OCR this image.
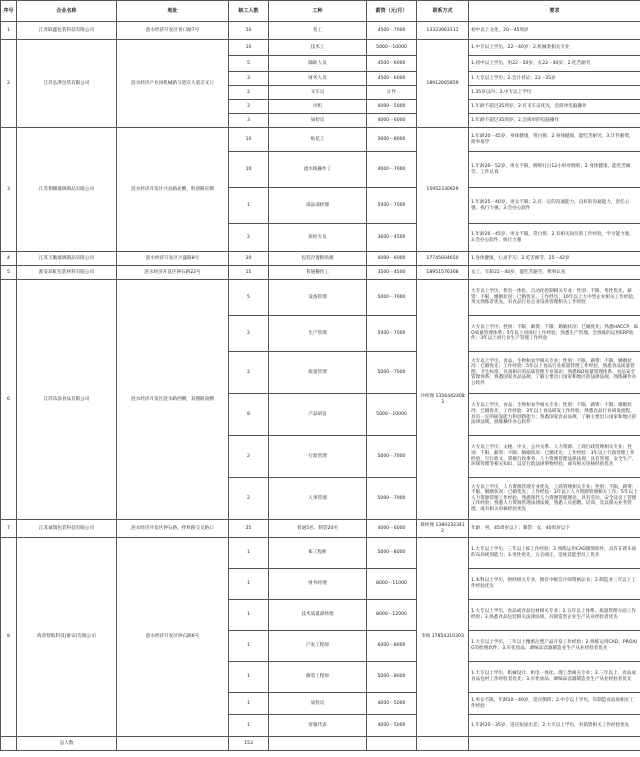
序号	企业名称	地址	缺工人数	工种	薪资（元/月）	联系方式	要求
1	江苏联鑫包装科技有限公司	涟水经济开发区青口路7号	10	普工	4500－7000	13323963111	初中以上文化，20－45周岁
2	江苏弘湃包装有限公司	涟水经济产业园机械路与迎宾大道交叉口	10	技术工	5000－10000	18912065859	1.中专以上学历，22－40岁；2.机械类相关专业
			5	辅助人员	4500－6000		1.初中以上学历，男22－50岁，女22－40岁；2.吃苦耐劳
			3	财务人员	4500－6000		1.大专以上学历；2.会计持证；22－35岁
			2	叉车员	计件		1.35岁以内；2.中专以上学历
			3	司机	4000－5000		1.年龄不超过35周岁；2.有叉车证优先，会简单电脑操作
			3	质检员	4000－6000		1.年龄不超过35周岁；2.会简单的电脑操作
3	江苏翔顺玻璃制品有限公司	涟水经济开发区兴县路北侧，科创路东侧	10	贴花工	3000－8000	15952330929	1.年龄20－45岁，身体健康，常白班；2.身体健康，能吃苦耐劳，3.计件薪资，简单易学
			10	流水线操作工	4000－7000		1.年龄20－52岁，男女不限，倒班打白12小时对倒班；2.身体健康，能吃苦耐劳，工作认真
			1	部品部经理	5000－7000		1.年龄25－40岁，男女不限；2.有一定的沟通能力，良好的沟通能力，责任心强，执行力强，3.会办公软件
			2	质检专员	3600－4500		1.年龄20－45岁，男女不限，常白班；2.有相关岗位的工作经验，学习能力强，3.会办公软件，执行力强
4	江苏天勤玻璃制品有限公司	涟水经济开发区兴盛路8号	20	包装冷置粘贴板	4000－6000	17745604650	1.身体健康，心灵手巧；2.吃苦耐劳，25－42岁
5	淮安彩虹包装材料有限公司	涟水经济开发区钟石路22号	15	普通操作工	3500－4500	18951576308	女工，年龄22－40岁，能吃苦耐劳，尊事认真
6	江苏乐涂食品有限公司	涟水经济开发区涟水路西侧，双拥路南侧	5	设备管理	5000－7000	沙经理 13564424083	大专以上学历，机电一体化、自动化控制相关专业；性别：不限，男性优先，薪资：不限，婚姻状况：已婚优先，工作经历：10年以上大中型企业相关工作经验，英文熟练者优先，有食品行业企业设备管理相关工作经验
			2	生产管理	5000－7000		大专以上学历；性别：不限，薪资：不限；婚姻状况：已婚优先；熟悉HACCP、ISO质量管理体系；5年以上同岗位工作经验；熟悉生产管理、会熟练的运用ERP软件；3年以上同行业生产管理工作经验
			2	质量管理	5000－7000		大专以上学历，食品、生物和农学相关专业；性别：不限，薪资：不限，婚姻状况：已婚优先；工作经验：5年以上食品行业质量管理工作经验，熟悉食品质量管理、卫生标准，具备相应的品质管理专业知识；熟悉ISO质量管理体系，食品安全管理体系；熟悉国家食品法规，了解主要出口国家和地区的法律法规，熟练操作办公软件
			8	产品研发	5000－10000		大专以上学历，食品、生物和农学相关专业；性别：不限，薪资：不限；婚姻状况：已婚优先，工作经验：3年以上食品研发工作经验；熟悉食品行业研发流程，具有一定的研发能力和创新能力；熟悉国家食品法规，了解主要出口国家和地区的法律法规，熟练操作办公软件
			2	行政管理	5000－7000		大专以上学历；文秘、中文、公共关系、人力资源、工商行政管理相关专业；性别：不限，薪资：不限；婚姻状况：已婚优先；工作经验：3年以上行政管理工作经验，写行政文、掌握行政事务、人力资源管理法律法规，具有管理、安全生产、环保管理等相关知识，以及行政法律事物经验，或有相关审核经验优先
			2	人事管理	5000－7000		大专以上学历，人力资源管理专业优先，工商管理相关专业；性别：不限，薪资：不限，婚姻状况：已婚优先；工作经验：3年以上人力资源管理相关工作，5年以上人力资源管理工作经验，熟悉现代人力资源管理理论，具有劳动、安全及员工管理工作经验；熟悉人力资源管理法律法规，熟悉人员招聘、培训、及以相关业务管理，或有相关审核经验优先
7	江苏诚瑞包装科技有限公司	涟水经济开发区钟石路、拌料路交叉路口	25	普通5名、制袋20名	4000－6000	蔡经理 13802323412	年龄：男，45周岁以下；制袋：女，40周岁以下
8	海普智联科技(淮安)有限公司	涟水经济开发区钟石路6号	1	IE工程师	5000－8000	李海 17854310303	1.大专以上学历，三年以上IE工作经验；2.熟练运用CAD制图软件，具有在新车间的布局规划能力；3.男性优先，五官端正，适度技能型员工优先
			1	财务经理	8000－11000		1.本科以上学历，财经相关专业，拥有中级会计师资格证书；2.制造业三年以上工作经验优先
			1	技术质量部经理	8000－12000		1.大专以上学历，食品或食品包材相关专业；2.五年以上体系、质量管理方面工作经验；3.熟悉食品包装相关法律法规，有制造型企业生产从业经验者优先
			1	产发工程师	6000－8000		1.大专以上学历，三年以上精密注塑产品开发工作经验；2.熟练运用CAD、PRO/UG等绘图软件；3.有化妆品、调味品容器制造业生产从业经验者优先
			1	修装工程师	5000－8000		1.大专以上学历，机械设计、机电一体化、理工类相关专业；2.三年以上，食品或食品包材工作经验者优先；3.有化妆品、调味品容器制造业生产从业经验者优先
			1	质检员	4000－5000		1.男女不限，年龄20－40岁，适应倒班；2.中专以上学历，有制造业品质相关工作经验
			1	客服代表	4000－5000		1.年龄20－35岁，适应短途出差；2.大专以上学历，有销售相关工作经验优先
	总人数		153				
